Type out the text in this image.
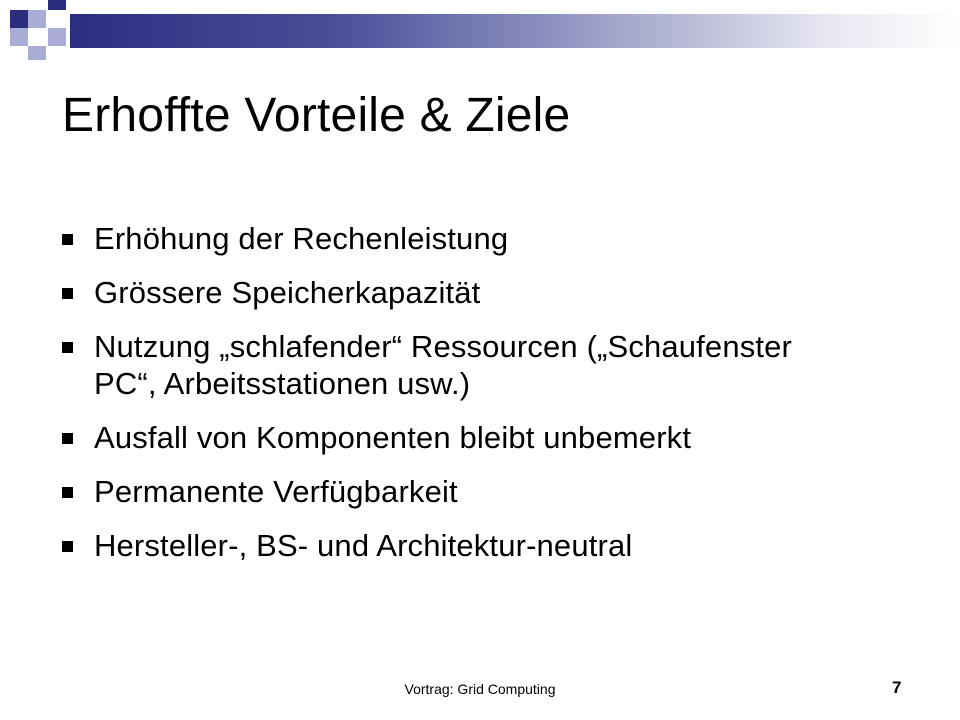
Erhoffte Vorteile & Ziele
Erhöhung der Rechenleistung
Grössere Speicherkapazität
Nutzung „schlafender“ Ressourcen („Schaufenster PC“, Arbeitsstationen usw.)
Ausfall von Komponenten bleibt unbemerkt
Permanente Verfügbarkeit
Hersteller-, BS- und Architektur-neutral
Vortrag: Grid Computing	7
